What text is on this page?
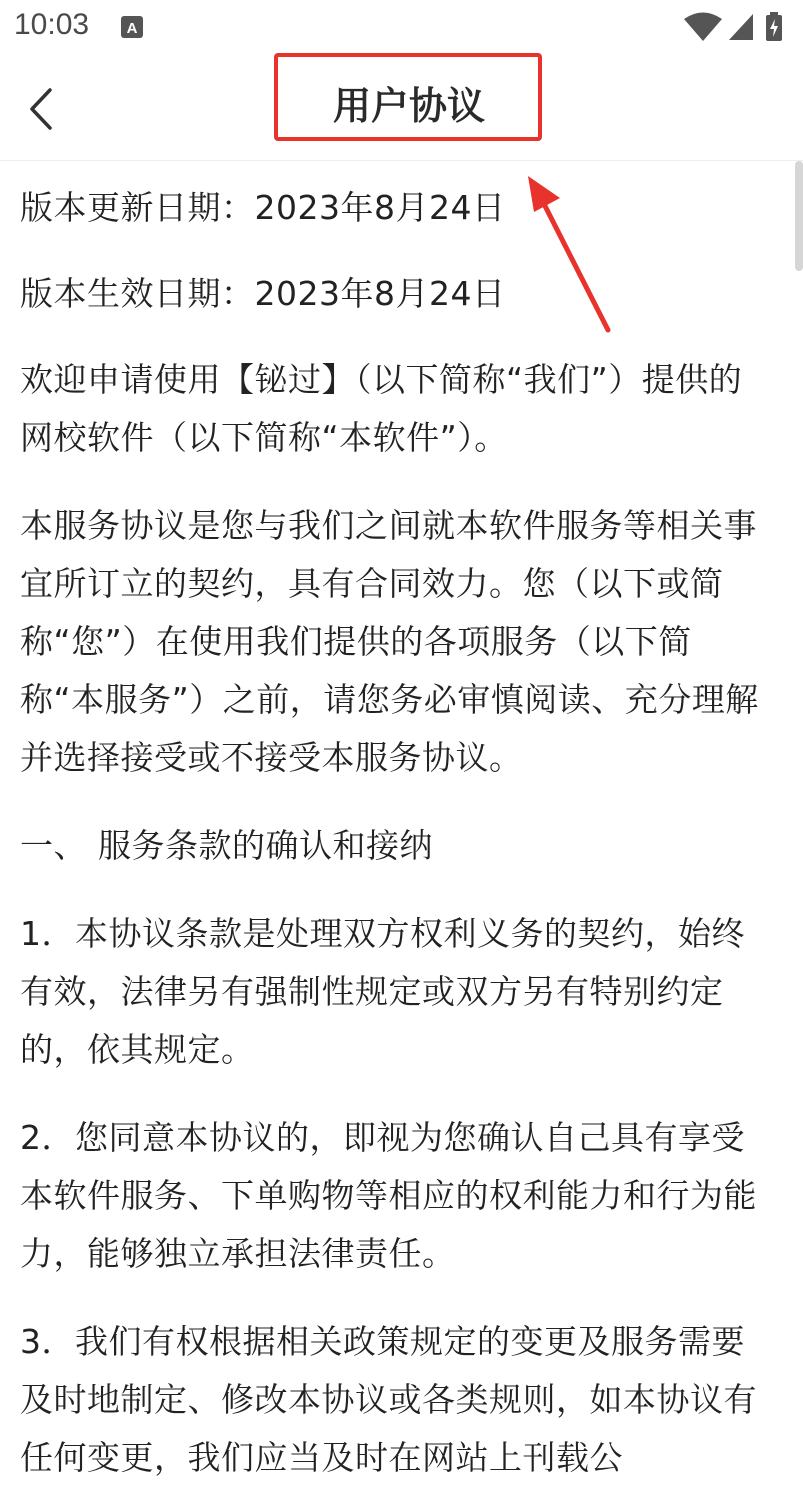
10:03	A
用户协议

版本更新日期：2023年8月24日

版本生效日期：2023年8月24日

欢迎申请使用【铋过】（以下简称“我们”）提供的网校软件（以下简称“本软件”）。

本服务协议是您与我们之间就本软件服务等相关事宜所订立的契约，具有合同效力。您（以下或简称“您”）在使用我们提供的各项服务（以下简称“本服务”）之前，请您务必审慎阅读、充分理解并选择接受或不接受本服务协议。

一、 服务条款的确认和接纳

1．本协议条款是处理双方权利义务的契约，始终有效，法律另有强制性规定或双方另有特别约定的，依其规定。

2．您同意本协议的，即视为您确认自己具有享受本软件服务、下单购物等相应的权利能力和行为能力，能够独立承担法律责任。

3．我们有权根据相关政策规定的变更及服务需要及时地制定、修改本协议或各类规则，如本协议有任何变更，我们应当及时在网站上刊载公
